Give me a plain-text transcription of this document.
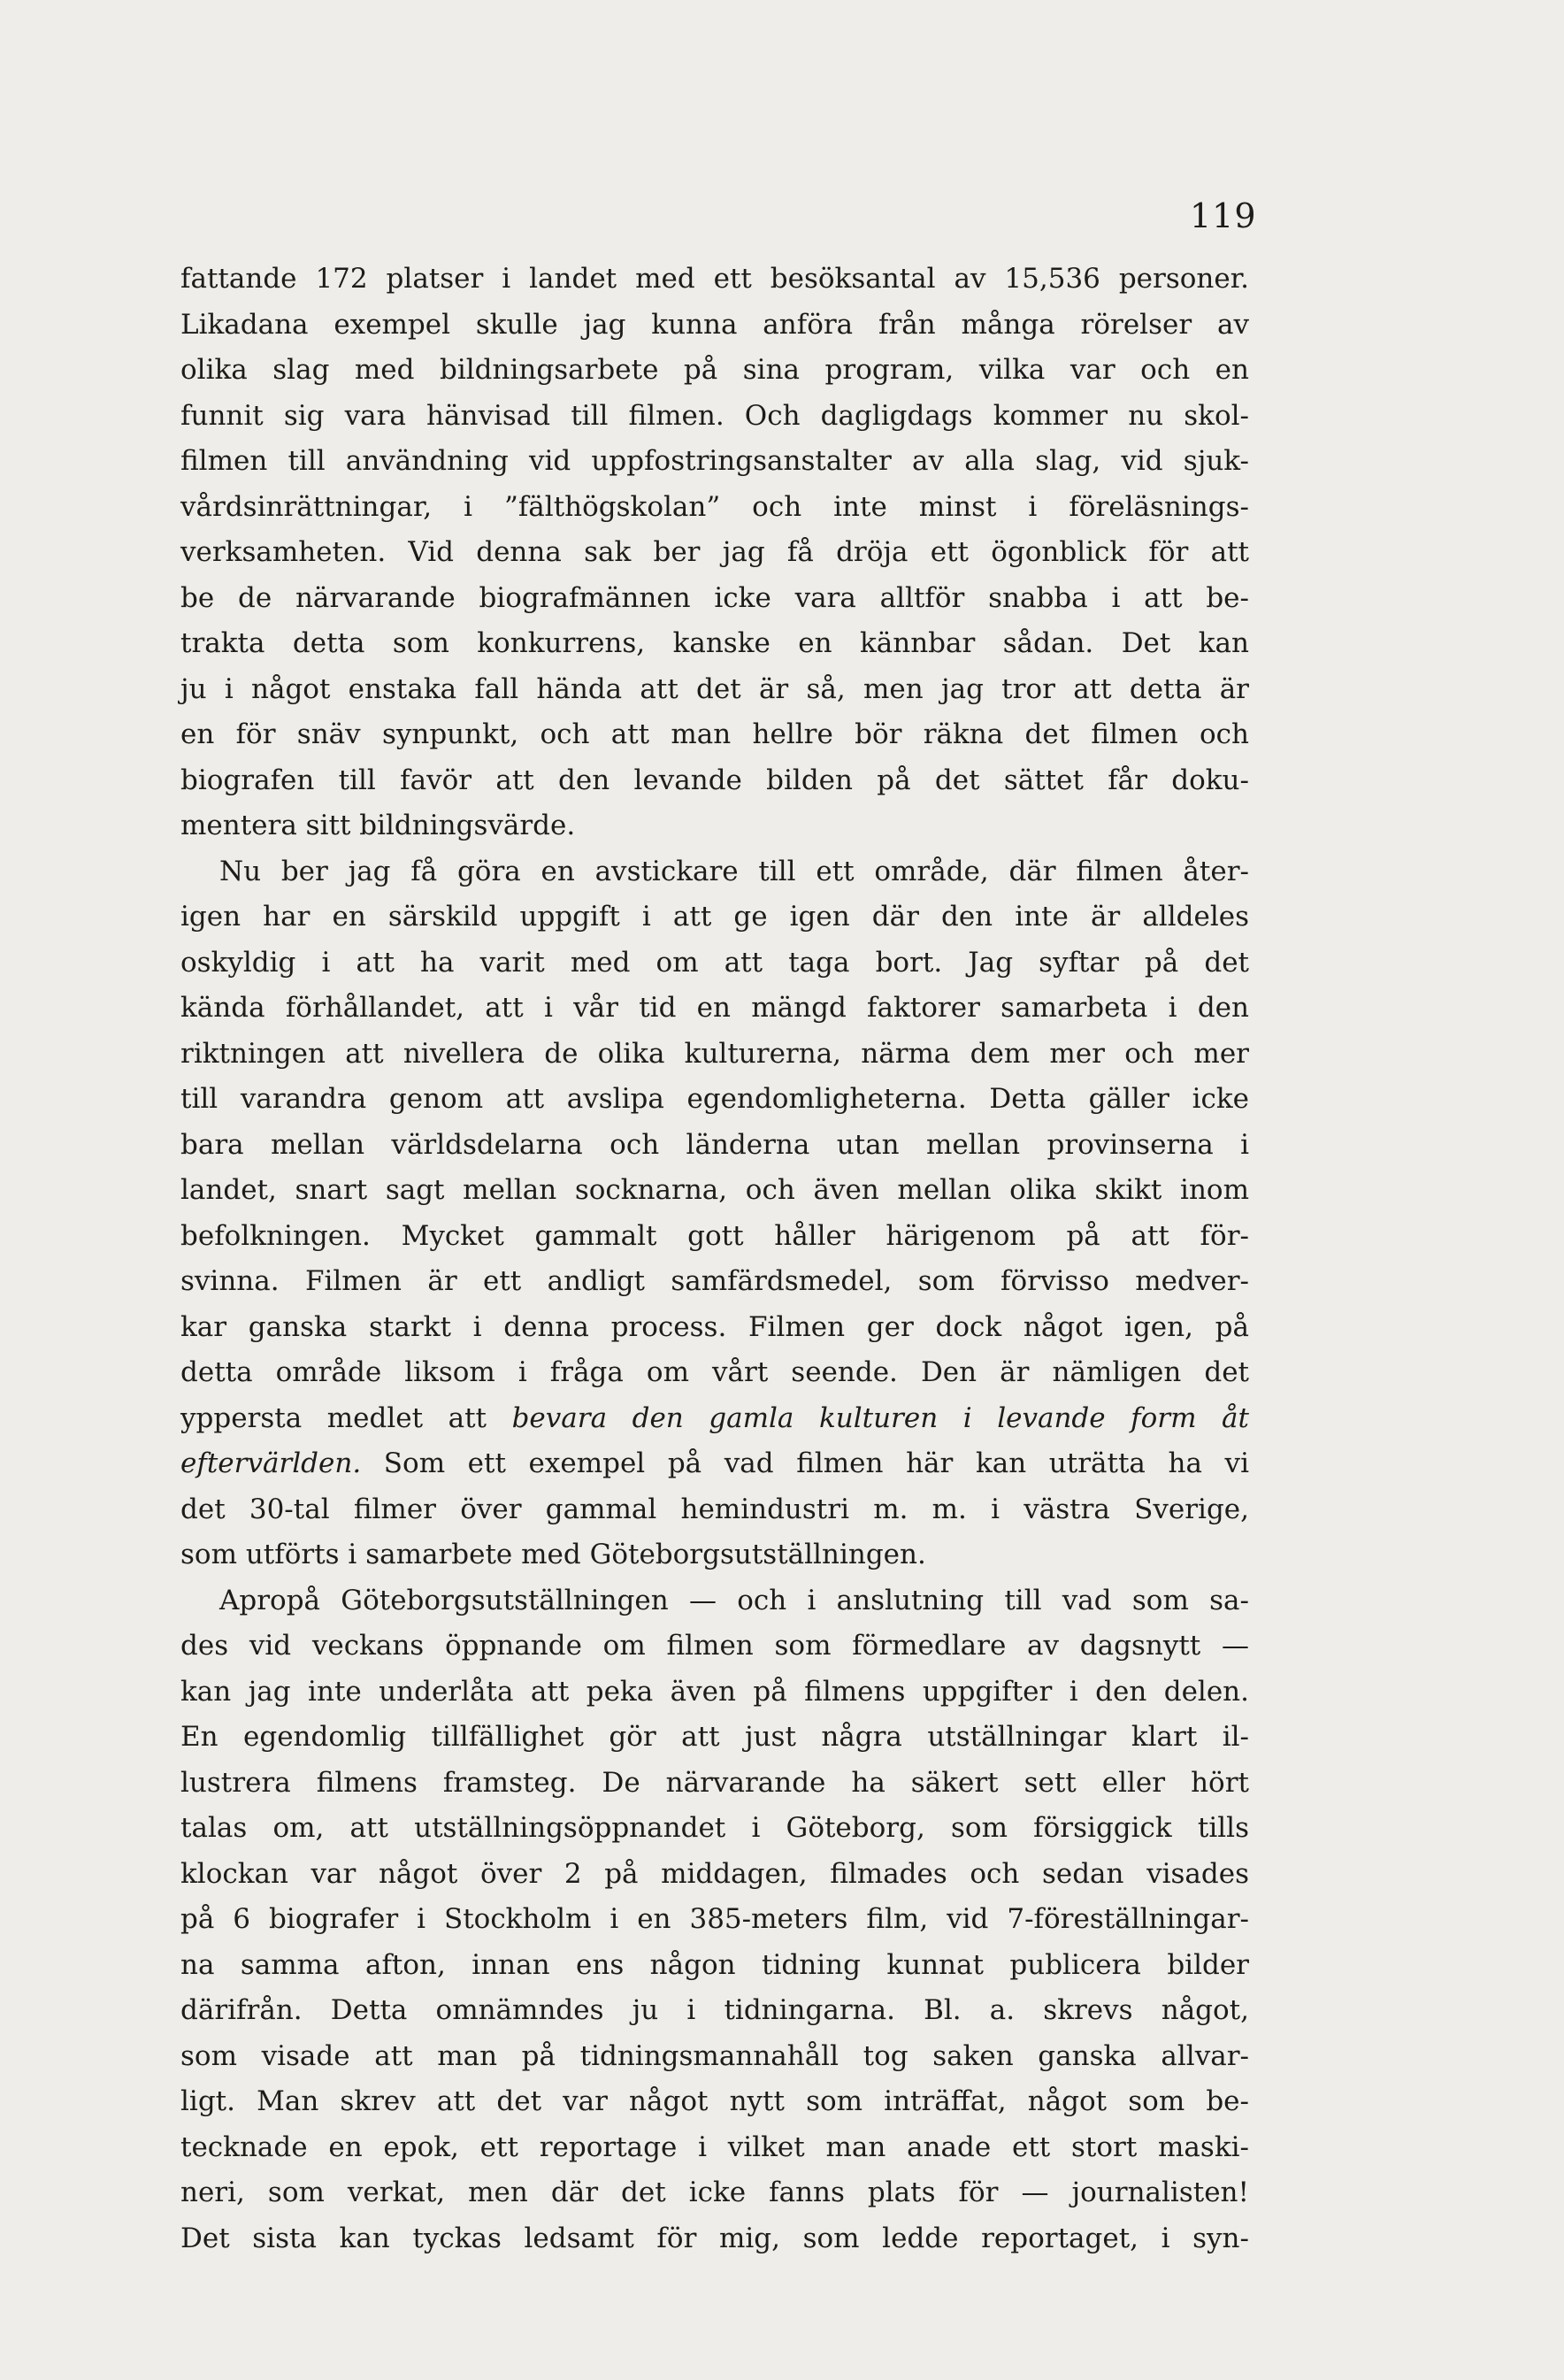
119
fattande 172 platser i landet med ett besöksantal av 15,536 personer.
Likadana exempel skulle jag kunna anföra från många rörelser av
olika slag med bildningsarbete på sina program, vilka var och en
funnit sig vara hänvisad till filmen. Och dagligdags kommer nu skol-
filmen till användning vid uppfostringsanstalter av alla slag, vid sjuk-
vårdsinrättningar, i ”fälthögskolan” och inte minst i föreläsnings-
verksamheten. Vid denna sak ber jag få dröja ett ögonblick för att
be de närvarande biografmännen icke vara alltför snabba i att be-
trakta detta som konkurrens, kanske en kännbar sådan. Det kan
ju i något enstaka fall hända att det är så, men jag tror att detta är
en för snäv synpunkt, och att man hellre bör räkna det filmen och
biografen till favör att den levande bilden på det sättet får doku-
mentera sitt bildningsvärde.
Nu ber jag få göra en avstickare till ett område, där filmen åter-
igen har en särskild uppgift i att ge igen där den inte är alldeles
oskyldig i att ha varit med om att taga bort. Jag syftar på det
kända förhållandet, att i vår tid en mängd faktorer samarbeta i den
riktningen att nivellera de olika kulturerna, närma dem mer och mer
till varandra genom att avslipa egendomligheterna. Detta gäller icke
bara mellan världsdelarna och länderna utan mellan provinserna i
landet, snart sagt mellan socknarna, och även mellan olika skikt inom
befolkningen. Mycket gammalt gott håller härigenom på att för-
svinna. Filmen är ett andligt samfärdsmedel, som förvisso medver-
kar ganska starkt i denna process. Filmen ger dock något igen, på
detta område liksom i fråga om vårt seende. Den är nämligen det
yppersta medlet att bevara den gamla kulturen i levande form åt
eftervärlden. Som ett exempel på vad filmen här kan uträtta ha vi
det 30-tal filmer över gammal hemindustri m. m. i västra Sverige,
som utförts i samarbete med Göteborgsutställningen.
Apropå Göteborgsutställningen — och i anslutning till vad som sa-
des vid veckans öppnande om filmen som förmedlare av dagsnytt —
kan jag inte underlåta att peka även på filmens uppgifter i den delen.
En egendomlig tillfällighet gör att just några utställningar klart il-
lustrera filmens framsteg. De närvarande ha säkert sett eller hört
talas om, att utställningsöppnandet i Göteborg, som försiggick tills
klockan var något över 2 på middagen, filmades och sedan visades
på 6 biografer i Stockholm i en 385-meters film, vid 7-föreställningar-
na samma afton, innan ens någon tidning kunnat publicera bilder
därifrån. Detta omnämndes ju i tidningarna. Bl. a. skrevs något,
som visade att man på tidningsmannahåll tog saken ganska allvar-
ligt. Man skrev att det var något nytt som inträffat, något som be-
tecknade en epok, ett reportage i vilket man anade ett stort maski-
neri, som verkat, men där det icke fanns plats för — journalisten!
Det sista kan tyckas ledsamt för mig, som ledde reportaget, i syn-
